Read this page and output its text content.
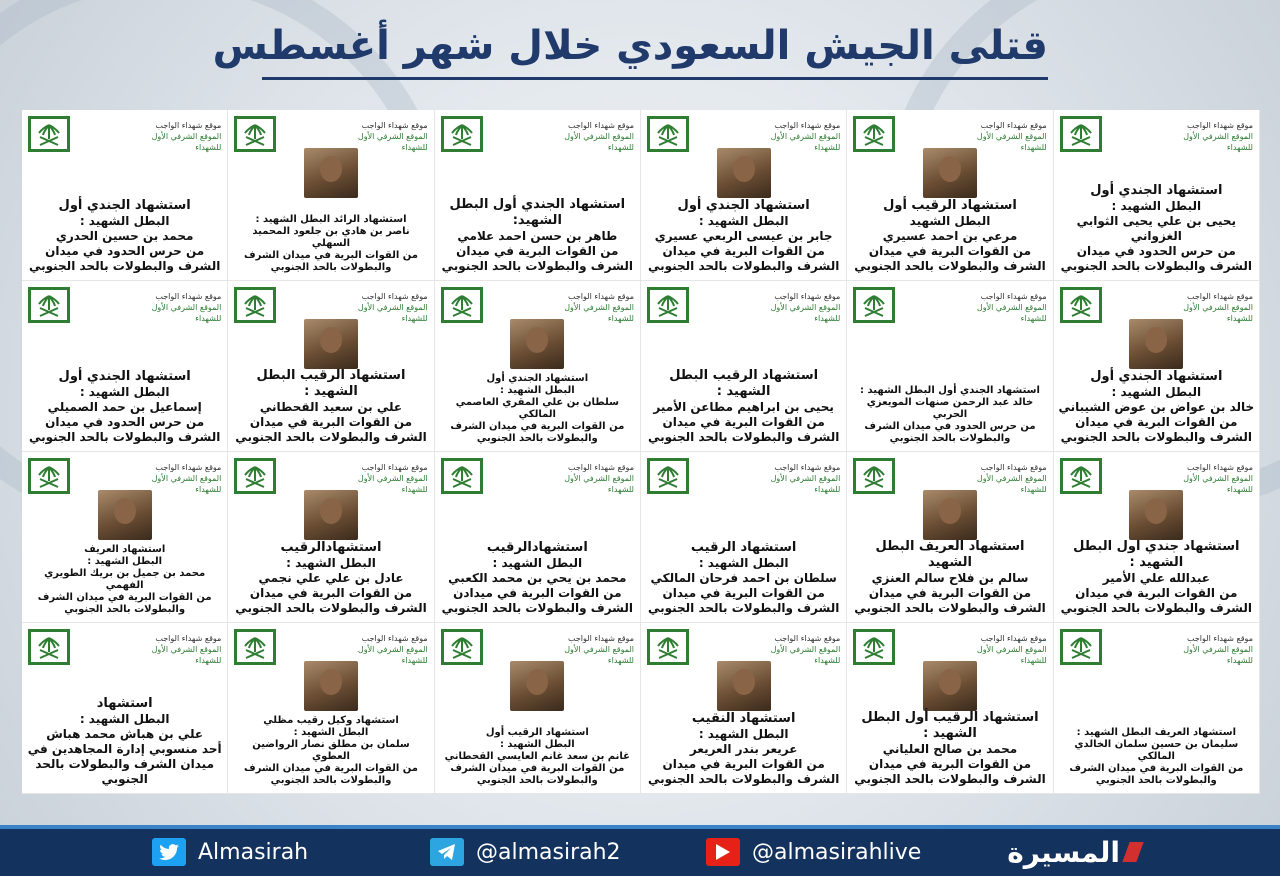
قتلى الجيش السعودي خلال شهر أغسطس
موقع شهداء الواجب
الموقع الشرفي الأول للشهداء
استشهاد الجندي أول
البطل الشهيد :
يحيى بن علي يحيى الثوابي الغزواني
من حرس الحدود في ميدان الشرف والبطولات بالحد الجنوبي
موقع شهداء الواجب
الموقع الشرفي الأول للشهداء
استشهاد الرقيب أول
البطل الشهيد
مرعي بن احمد عسيري
من القوات البرية في ميدان الشرف والبطولات بالحد الجنوبي
موقع شهداء الواجب
الموقع الشرفي الأول للشهداء
استشهاد الجندي أول
البطل الشهيد :
جابر بن عيسى الربعي عسيري
من القوات البرية في ميدان الشرف والبطولات بالحد الجنوبي
موقع شهداء الواجب
الموقع الشرفي الأول للشهداء
استشهاد الجندي أول البطل الشهيد:
طاهر بن حسن احمد علامي
من القوات البرية في ميدان الشرف والبطولات بالحد الجنوبي
موقع شهداء الواجب
الموقع الشرفي الأول للشهداء
استشهاد الرائد البطل الشهيد :
ناصر بن هادي بن جلعود المحميد السهلي
من القوات البرية في ميدان الشرف والبطولات بالحد الجنوبي
موقع شهداء الواجب
الموقع الشرفي الأول للشهداء
استشهاد الجندي أول
البطل الشهيد :
محمد بن حسين الحدري
من حرس الحدود في ميدان الشرف والبطولات بالحد الجنوبي
موقع شهداء الواجب
الموقع الشرفي الأول للشهداء
استشهاد الجندي أول
البطل الشهيد :
خالد بن عواض بن عوض الشيباني
من القوات البرية في ميدان الشرف والبطولات بالحد الجنوبي
موقع شهداء الواجب
الموقع الشرفي الأول للشهداء
استشهاد الجندي أول البطل الشهيد :
خالد عبد الرحمن صنهات المويعزي الحربي
من حرس الحدود في ميدان الشرف والبطولات بالحد الجنوبي
موقع شهداء الواجب
الموقع الشرفي الأول للشهداء
استشهاد الرقيب البطل الشهيد :
يحيى بن ابراهيم مطاعن الأمير
من القوات البرية في ميدان الشرف والبطولات بالحد الجنوبي
موقع شهداء الواجب
الموقع الشرفي الأول للشهداء
استشهاد الجندي أول
البطل الشهيد :
سلطان بن علي المقري العاصمي المالكي
من القوات البرية في ميدان الشرف والبطولات بالحد الجنوبي
موقع شهداء الواجب
الموقع الشرفي الأول للشهداء
استشهاد الرقيب البطل الشهيد :
علي بن سعيد القحطاني
من القوات البرية في ميدان الشرف والبطولات بالحد الجنوبي
موقع شهداء الواجب
الموقع الشرفي الأول للشهداء
استشهاد الجندي أول
البطل الشهيد :
إسماعيل بن حمد الصميلي
من حرس الحدود في ميدان الشرف والبطولات بالحد الجنوبي
موقع شهداء الواجب
الموقع الشرفي الأول للشهداء
استشهاد جندي اول البطل الشهيد :
عبدالله علي الأمير
من القوات البرية في ميدان الشرف والبطولات بالحد الجنوبي
موقع شهداء الواجب
الموقع الشرفي الأول للشهداء
استشهاد العريف البطل الشهيد
سالم بن فلاح سالم العنزي
من القوات البرية في ميدان الشرف والبطولات بالحد الجنوبي
موقع شهداء الواجب
الموقع الشرفي الأول للشهداء
استشهاد الرقيب
البطل الشهيد :
سلطان بن احمد فرحان المالكي
من القوات البرية في ميدان الشرف والبطولات بالحد الجنوبي
موقع شهداء الواجب
الموقع الشرفي الأول للشهداء
استشهادالرقيب
البطل الشهيد :
محمد بن يحي بن محمد الكعبي
من القوات البرية في ميدادن الشرف والبطولات بالحد الجنوبي
موقع شهداء الواجب
الموقع الشرفي الأول للشهداء
استشهادالرقيب
البطل الشهيد :
عادل بن علي علي نجمي
من القوات البرية في ميدان الشرف والبطولات بالحد الجنوبي
موقع شهداء الواجب
الموقع الشرفي الأول للشهداء
استشهاد العريف
البطل الشهيد :
محمد بن جميل بن بريك الطويري الفهمي
من القوات البرية في ميدان الشرف والبطولات بالحد الجنوبي
موقع شهداء الواجب
الموقع الشرفي الأول للشهداء
استشهاد العريف البطل الشهيد :
سليمان بن حسين سلمان الخالدي المالكي
من القوات البرية في ميدان الشرف والبطولات بالحد الجنوبي
موقع شهداء الواجب
الموقع الشرفي الأول للشهداء
استشهاد الرقيب أول البطل الشهيد :
محمد بن صالح العلياني
من القوات البرية في ميدان الشرف والبطولات بالحد الجنوبي
موقع شهداء الواجب
الموقع الشرفي الأول للشهداء
استشهاد النقيب
البطل الشهيد :
عريعر بندر العريعر
من القوات البرية في ميدان الشرف والبطولات بالحد الجنوبي
موقع شهداء الواجب
الموقع الشرفي الأول للشهداء
استشهاد الرقيب أول
البطل الشهيد :
غانم بن سعد غانم العايسي القحطاني
من القوات البرية في ميدان الشرف والبطولات بالحد الجنوبي
موقع شهداء الواجب
الموقع الشرفي الأول للشهداء
استشهاد وكيل رقيب مظلي
البطل الشهيد :
سلمان بن مطلق نصار الرواضين العطوي
من القوات البرية في ميدان الشرف والبطولات بالحد الجنوبي
موقع شهداء الواجب
الموقع الشرفي الأول للشهداء
استشهاد
البطل الشهيد :
علي بن هباش محمد هباش
أحد منسوبي إدارة المجاهدين في ميدان الشرف والبطولات بالحد الجنوبي
Almasirah	@almasirah2	@almasirahlive	المسيرة
